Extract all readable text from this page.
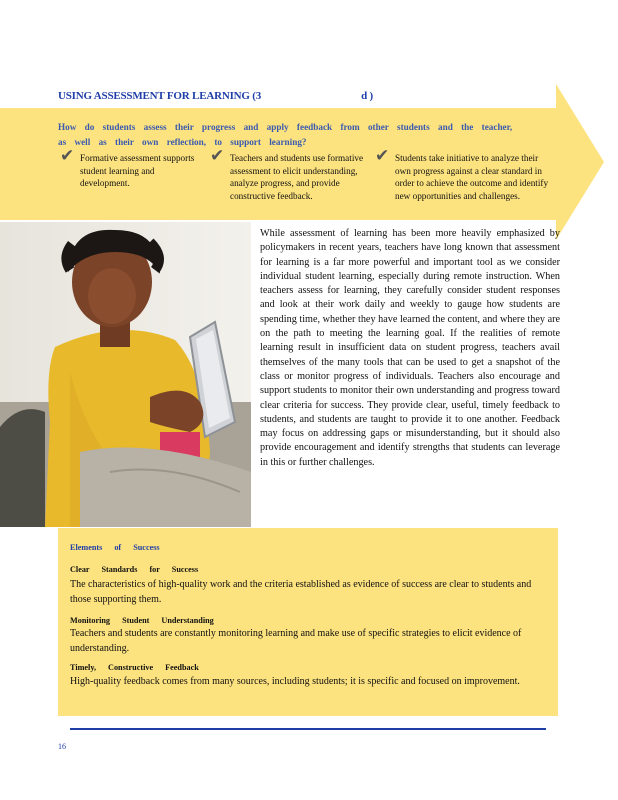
USING ASSESSMENT FOR LEARNING (3	d )
How do students assess their progress and apply feedback from other students and the teacher, as well as their own reflection, to support learning?
✔ Formative assessment supports student learning and development.
✔ Teachers and students use formative assessment to elicit understanding, analyze progress, and provide constructive feedback.
✔ Students take initiative to analyze their own progress against a clear standard in order to achieve the outcome and identify new opportunities and challenges.
While assessment of learning has been more heavily emphasized by policymakers in recent years, teachers have long known that assessment for learning is a far more powerful and important tool as we consider individual student learning, especially during remote instruction. When teachers assess for learning, they carefully consider student responses and look at their work daily and weekly to gauge how students are spending time, whether they have learned the content, and where they are on the path to meeting the learning goal. If the realities of remote learning result in insufficient data on student progress, teachers avail themselves of the many tools that can be used to get a snapshot of the class or monitor progress of individuals. Teachers also encourage and support students to monitor their own understanding and progress toward clear criteria for success. They provide clear, useful, timely feedback to students, and students are taught to provide it to one another. Feedback may focus on addressing gaps or misunderstanding, but it should also provide encouragement and identify strengths that students can leverage in this or further challenges.
Elements of Success
Clear Standards for Success
The characteristics of high-quality work and the criteria established as evidence of success are clear to students and those supporting them.
Monitoring Student Understanding
Teachers and students are constantly monitoring learning and make use of specific strategies to elicit evidence of understanding.
Timely, Constructive Feedback
High-quality feedback comes from many sources, including students; it is specific and focused on improvement.
16
